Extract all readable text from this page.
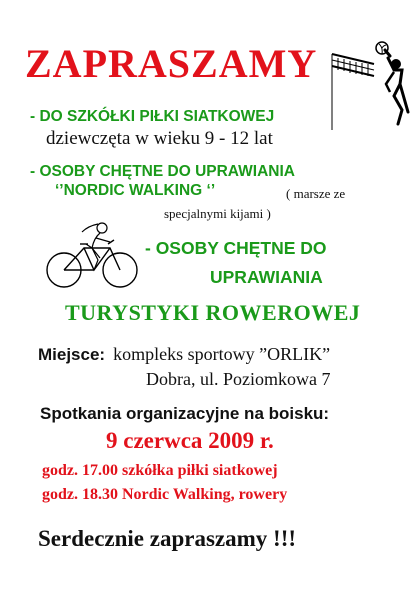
ZAPRASZAMY
- DO SZKÓŁKI PIŁKI SIATKOWEJ
dziewczęta w wieku 9 - 12 lat
- OSOBY CHĘTNE DO UPRAWIANIA
‘’NORDIC WALKING ‘’	( marsze ze
specjalnymi kijami )
- OSOBY CHĘTNE DO
UPRAWIANIA
TURYSTYKI ROWEROWEJ
Miejsce: kompleks sportowy ”ORLIK”
Dobra, ul. Poziomkowa 7
Spotkania organizacyjne na boisku:
9 czerwca 2009 r.
godz. 17.00 szkółka piłki siatkowej
godz. 18.30 Nordic Walking, rowery
Serdecznie zapraszamy !!!
